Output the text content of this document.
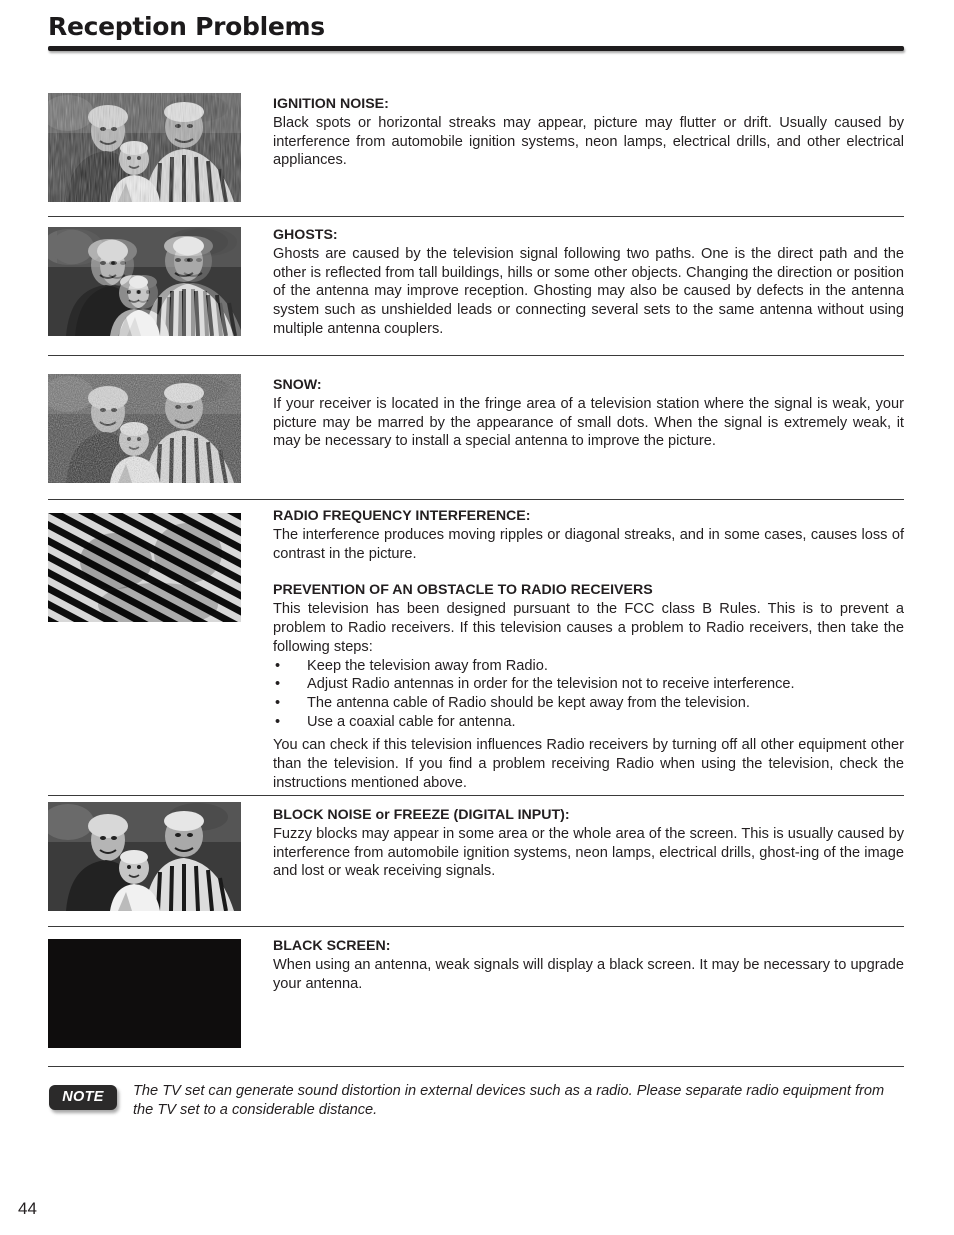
Reception Problems
IGNITION NOISE:

Black spots or horizontal streaks may appear, picture may flutter or drift. Usually caused by interference from automobile ignition systems, neon lamps, electrical drills, and other electrical appliances.

GHOSTS:

Ghosts are caused by the television signal following two paths. One is the direct path and the other is reflected from tall buildings, hills or some other objects. Changing the direction or position of the antenna may improve reception. Ghosting may also be caused by defects in the antenna system such as unshielded leads or connecting several sets to the same antenna without using multiple antenna couplers.

SNOW:

If your receiver is located in the fringe area of a television station where the signal is weak, your picture may be marred by the appearance of small dots. When the signal is extremely weak, it may be necessary to install a special antenna to improve the picture.

RADIO FREQUENCY INTERFERENCE:

The interference produces moving ripples or diagonal streaks, and in some cases, causes loss of contrast in the picture.

PREVENTION OF AN OBSTACLE TO RADIO RECEIVERS

This television has been designed pursuant to the FCC class B Rules. This is to prevent a problem to Radio receivers. If this television causes a problem to Radio receivers, then take the following steps:

• Keep the television away from Radio.
• Adjust Radio antennas in order for the television not to receive interference.
• The antenna cable of Radio should be kept away from the television.
• Use a coaxial cable for antenna.

You can check if this television influences Radio receivers by turning off all other equipment other than the television. If you find a problem receiving Radio when using the television, check the instructions mentioned above.

BLOCK NOISE or FREEZE (DIGITAL INPUT):

Fuzzy blocks may appear in some area or the whole area of the screen. This is usually caused by interference from automobile ignition systems, neon lamps, electrical drills, ghost-ing of the image and lost or weak receiving signals.

BLACK SCREEN:

When using an antenna, weak signals will display a black screen. It may be necessary to upgrade your antenna.

NOTE	The TV set can generate sound distortion in external devices such as a radio. Please separate radio equipment from the TV set to a considerable distance.
44
